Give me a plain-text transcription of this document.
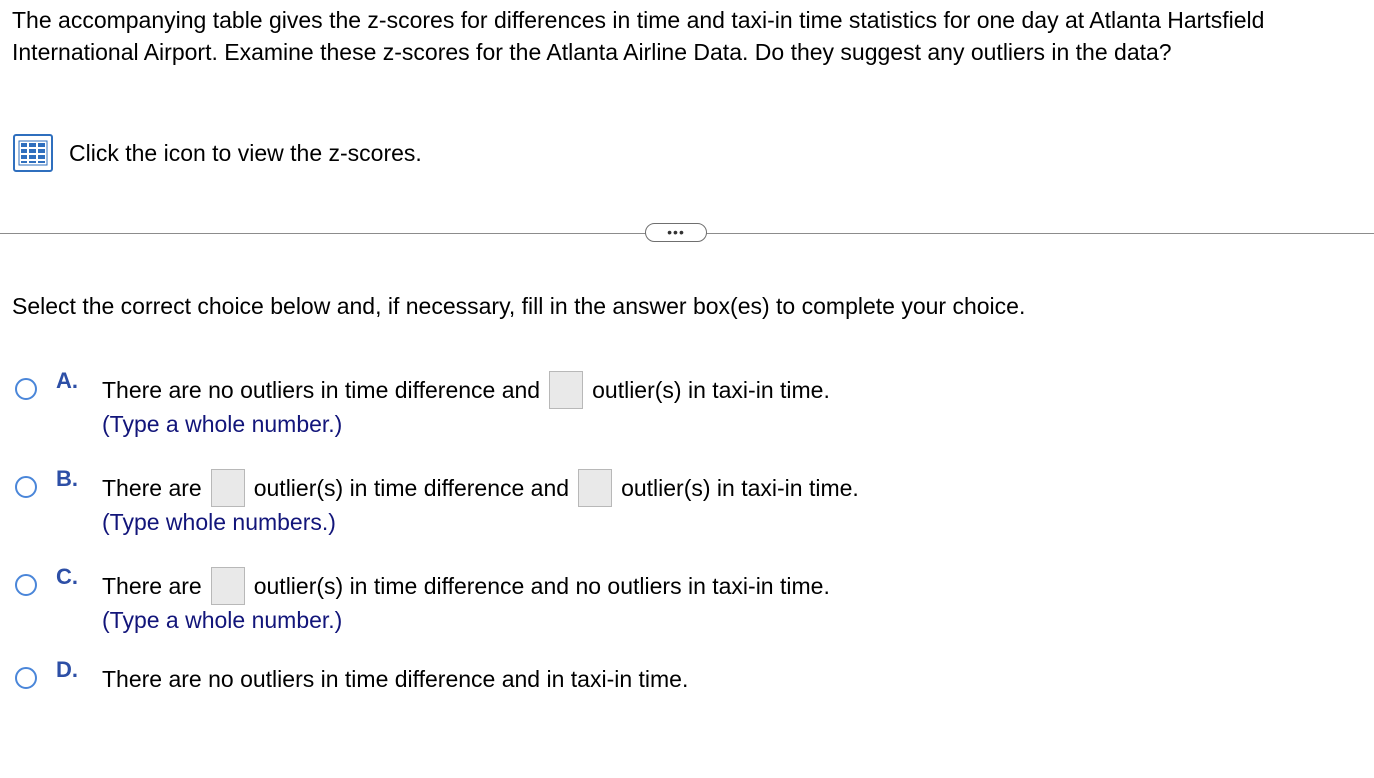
The accompanying table gives the z-scores for differences in time and taxi-in time statistics for one day at Atlanta Hartsfield International Airport. Examine these z-scores for the Atlanta Airline Data. Do they suggest any outliers in the data?
Click the icon to view the z-scores.
•••
Select the correct choice below and, if necessary, fill in the answer box(es) to complete your choice.
A. There are no outliers in time difference and outlier(s) in taxi-in time.
(Type a whole number.)
B. There are outlier(s) in time difference and outlier(s) in taxi-in time.
(Type whole numbers.)
C. There are outlier(s) in time difference and no outliers in taxi-in time.
(Type a whole number.)
D. There are no outliers in time difference and in taxi-in time.
